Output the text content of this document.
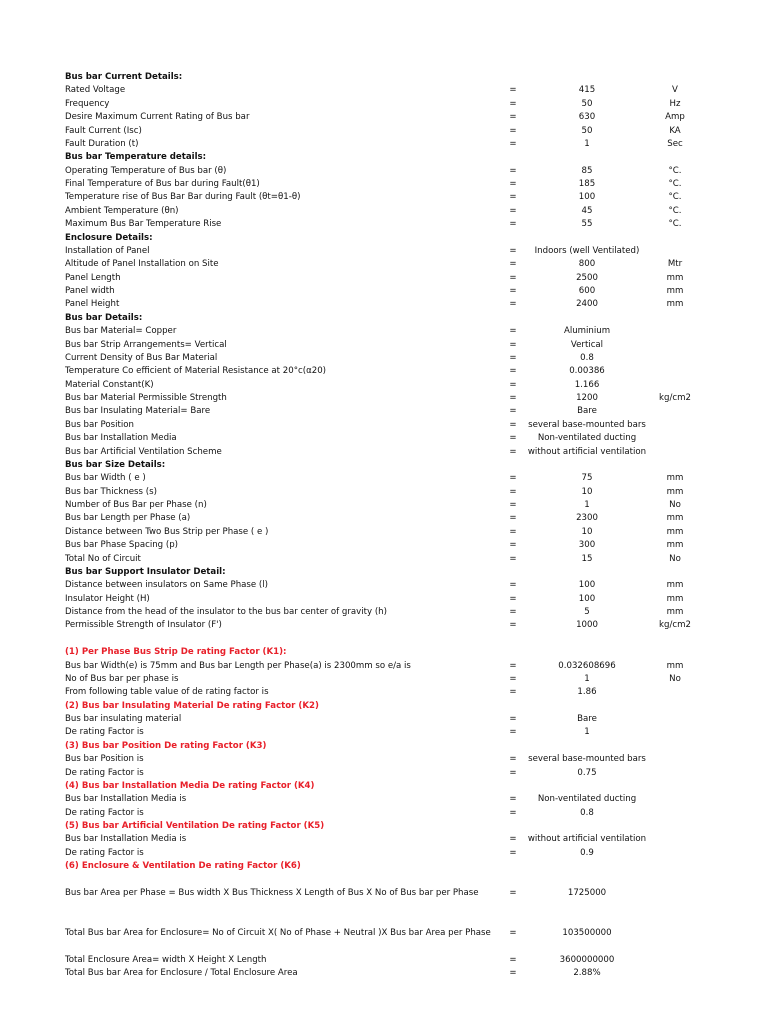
Bus bar Current Details:
Rated Voltage	=	415	V
Frequency	=	50	Hz
Desire Maximum Current Rating of Bus bar	=	630	Amp
Fault Current (Isc)	=	50	KA
Fault Duration (t)	=	1	Sec
Bus bar Temperature details:
Operating Temperature of Bus bar (θ)	=	85	°C.
Final Temperature of Bus bar during Fault(θ1)	=	185	°C.
Temperature rise of Bus Bar Bar during Fault (θt=θ1-θ)	=	100	°C.
Ambient Temperature (θn)	=	45	°C.
Maximum Bus Bar Temperature Rise	=	55	°C.
Enclosure Details:
Installation of Panel	=	Indoors (well Ventilated)
Altitude of Panel Installation on Site	=	800	Mtr
Panel Length	=	2500	mm
Panel width	=	600	mm
Panel Height	=	2400	mm
Bus bar Details:
Bus bar Material= Copper	=	Aluminium
Bus bar Strip Arrangements= Vertical	=	Vertical
Current Density of Bus Bar Material	=	0.8
Temperature Co efficient of Material Resistance at 20°c(α20)	=	0.00386
Material Constant(K)	=	1.166
Bus bar Material Permissible Strength	=	1200	kg/cm2
Bus bar Insulating Material= Bare	=	Bare
Bus bar Position	=	several base-mounted bars
Bus bar Installation Media	=	Non-ventilated ducting
Bus bar Artificial Ventilation Scheme	=	without artificial ventilation
Bus bar Size Details:
Bus bar Width ( e )	=	75	mm
Bus bar Thickness (s)	=	10	mm
Number of Bus Bar per Phase (n)	=	1	No
Bus bar Length per Phase (a)	=	2300	mm
Distance between Two Bus Strip per Phase ( e )	=	10	mm
Bus bar Phase Spacing (p)	=	300	mm
Total No of Circuit	=	15	No
Bus bar Support Insulator Detail:
Distance between insulators on Same Phase (l)	=	100	mm
Insulator Height (H)	=	100	mm
Distance from the head of the insulator to the bus bar center of gravity (h)	=	5	mm
Permissible Strength of Insulator (F')	=	1000	kg/cm2
(1) Per Phase Bus Strip De rating Factor (K1):
Bus bar Width(e) is 75mm and Bus bar Length per Phase(a) is 2300mm so e/a is	=	0.032608696	mm
No of Bus bar per phase is	=	1	No
From following table value of de rating factor is	=	1.86
(2) Bus bar Insulating Material De rating Factor (K2)
Bus bar insulating material	=	Bare
De rating Factor is	=	1
(3) Bus bar Position De rating Factor (K3)
Bus bar Position is	=	several base-mounted bars
De rating Factor is	=	0.75
(4) Bus bar Installation Media De rating Factor (K4)
Bus bar Installation Media is	=	Non-ventilated ducting
De rating Factor is	=	0.8
(5) Bus bar Artificial Ventilation De rating Factor (K5)
Bus bar Installation Media is	=	without artificial ventilation
De rating Factor is	=	0.9
(6) Enclosure & Ventilation De rating Factor (K6)
Bus bar Area per Phase = Bus width X Bus Thickness X Length of Bus X No of Bus bar per Phase	=	1725000
Total Bus bar Area for Enclosure= No of Circuit X( No of Phase + Neutral )X Bus bar Area per Phase =	103500000
Total Enclosure Area= width X Height X Length	=	3600000000
Total Bus bar Area for Enclosure / Total Enclosure Area	=	2.88%
